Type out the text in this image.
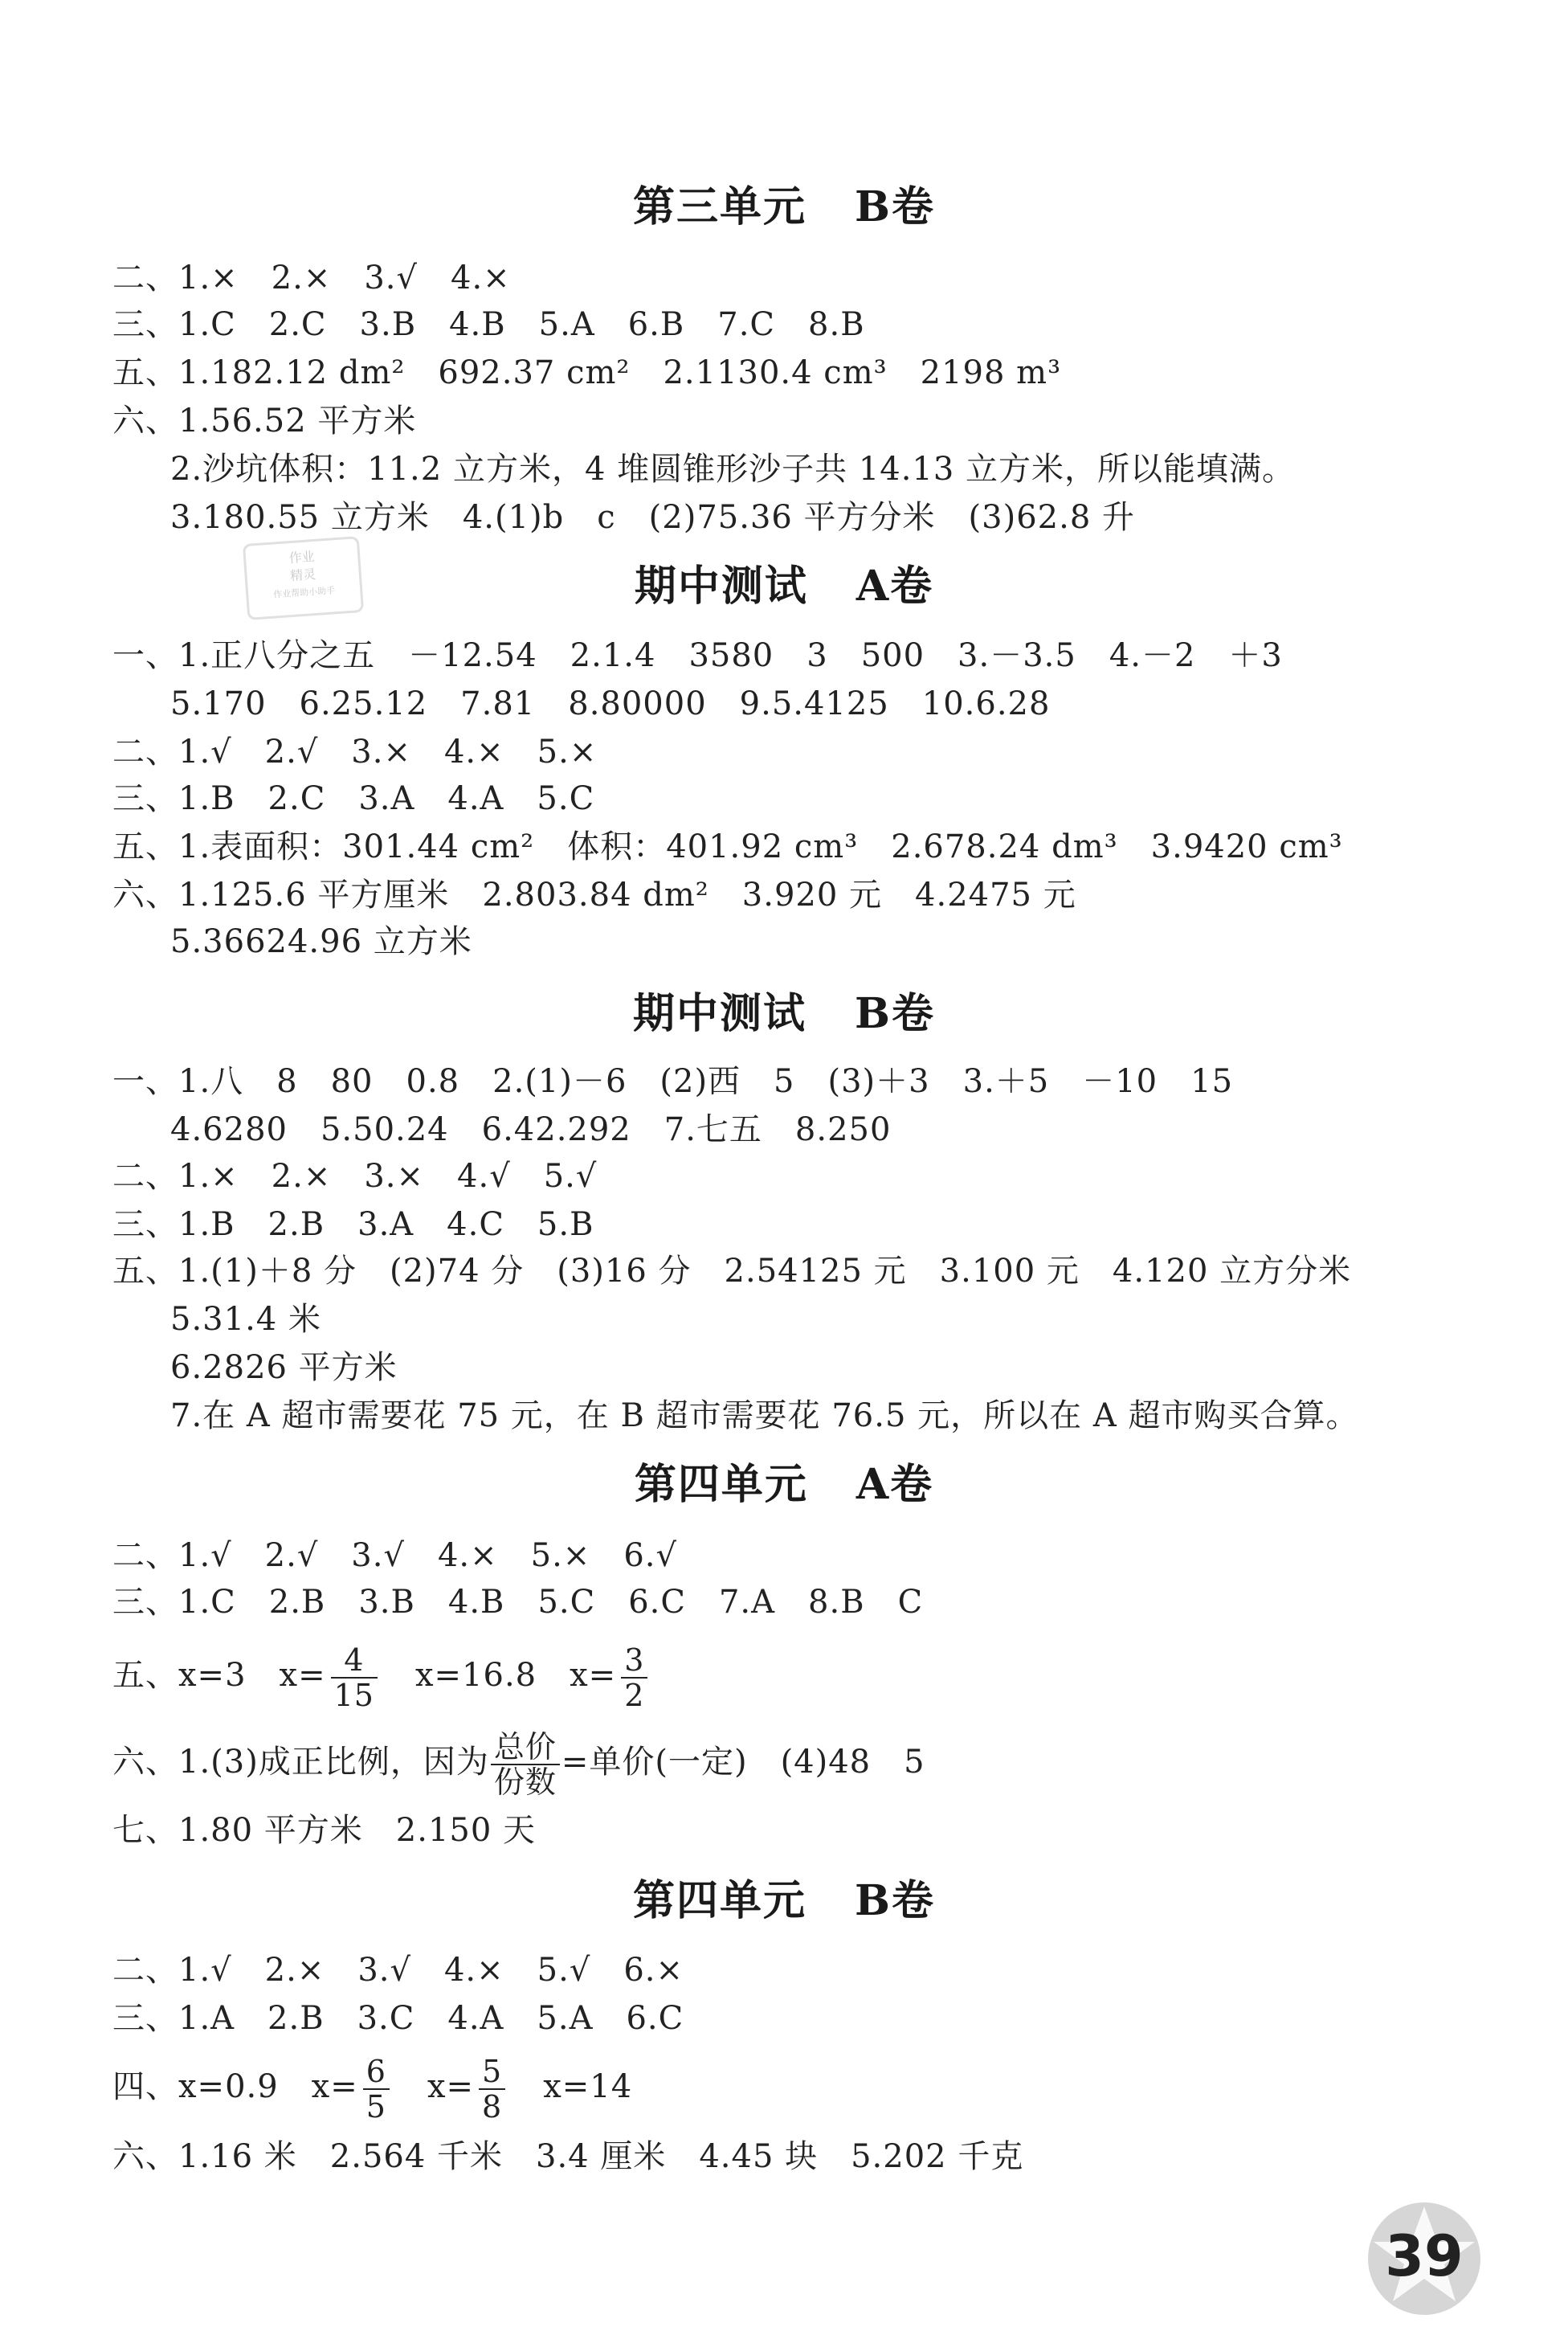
第三单元 B卷
二、1.×　2.×　3.√　4.×
三、1.C　2.C　3.B　4.B　5.A　6.B　7.C　8.B
五、1.182.12 dm²　692.37 cm²　2.1130.4 cm³　2198 m³
六、1.56.52 平方米
2.沙坑体积：11.2 立方米，4 堆圆锥形沙子共 14.13 立方米，所以能填满。
3.180.55 立方米　4.(1)b　c　(2)75.36 平方分米　(3)62.8 升
作业
精灵
作业帮助小助手	期中测试 A卷
一、1.正八分之五　－12.54　2.1.4　3580　3　500　3.－3.5　4.－2　＋3
5.170　6.25.12　7.81　8.80000　9.5.4125　10.6.28
二、1.√　2.√　3.×　4.×　5.×
三、1.B　2.C　3.A　4.A　5.C
五、1.表面积：301.44 cm²　体积：401.92 cm³　2.678.24 dm³　3.9420 cm³
六、1.125.6 平方厘米　2.803.84 dm²　3.920 元　4.2475 元
5.36624.96 立方米
期中测试 B卷
一、1.八　8　80　0.8　2.(1)－6　(2)西　5　(3)＋3　3.＋5　－10　15
4.6280　5.50.24　6.42.292　7.七五　8.250
二、1.×　2.×　3.×　4.√　5.√
三、1.B　2.B　3.A　4.C　5.B
五、1.(1)＋8 分　(2)74 分　(3)16 分　2.54125 元　3.100 元　4.120 立方分米
5.31.4 米
6.2826 平方米
7.在 A 超市需要花 75 元，在 B 超市需要花 76.5 元，所以在 A 超市购买合算。
第四单元 A卷
二、1.√　2.√　3.√　4.×　5.×　6.√
三、1.C　2.B　3.B　4.B　5.C　6.C　7.A　8.B　C
五、x=3　$x= \frac{4}{15}$ 　x=16.8　$x= \frac{3}{2}$
六、1.(3)成正比例，因为 $\frac{\text{总价}}{\text{份数}}$ =单价(一定)　(4)48　5
七、1.80 平方米　2.150 天
第四单元 B卷
二、1.√　2.×　3.√　4.×　5.√　6.×
三、1.A　2.B　3.C　4.A　5.A　6.C
四、x=0.9　$x= \frac{6}{5}$ 　$x= \frac{5}{8}$ 　x=14
六、1.16 米　2.564 千米　3.4 厘米　4.45 块　5.202 千克
39
